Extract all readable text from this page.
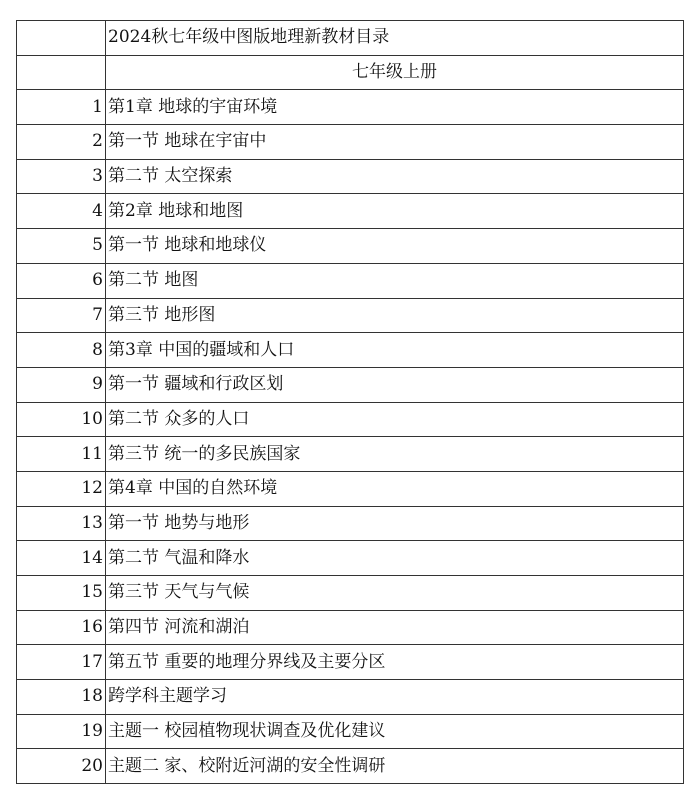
	2024秋七年级中图版地理新教材目录
	七年级上册
1	第1章 地球的宇宙环境
2	第一节 地球在宇宙中
3	第二节 太空探索
4	第2章 地球和地图
5	第一节 地球和地球仪
6	第二节 地图
7	第三节 地形图
8	第3章 中国的疆域和人口
9	第一节 疆域和行政区划
10	第二节 众多的人口
11	第三节 统一的多民族国家
12	第4章 中国的自然环境
13	第一节 地势与地形
14	第二节 气温和降水
15	第三节 天气与气候
16	第四节 河流和湖泊
17	第五节 重要的地理分界线及主要分区
18	跨学科主题学习
19	主题一 校园植物现状调查及优化建议
20	主题二 家、校附近河湖的安全性调研
